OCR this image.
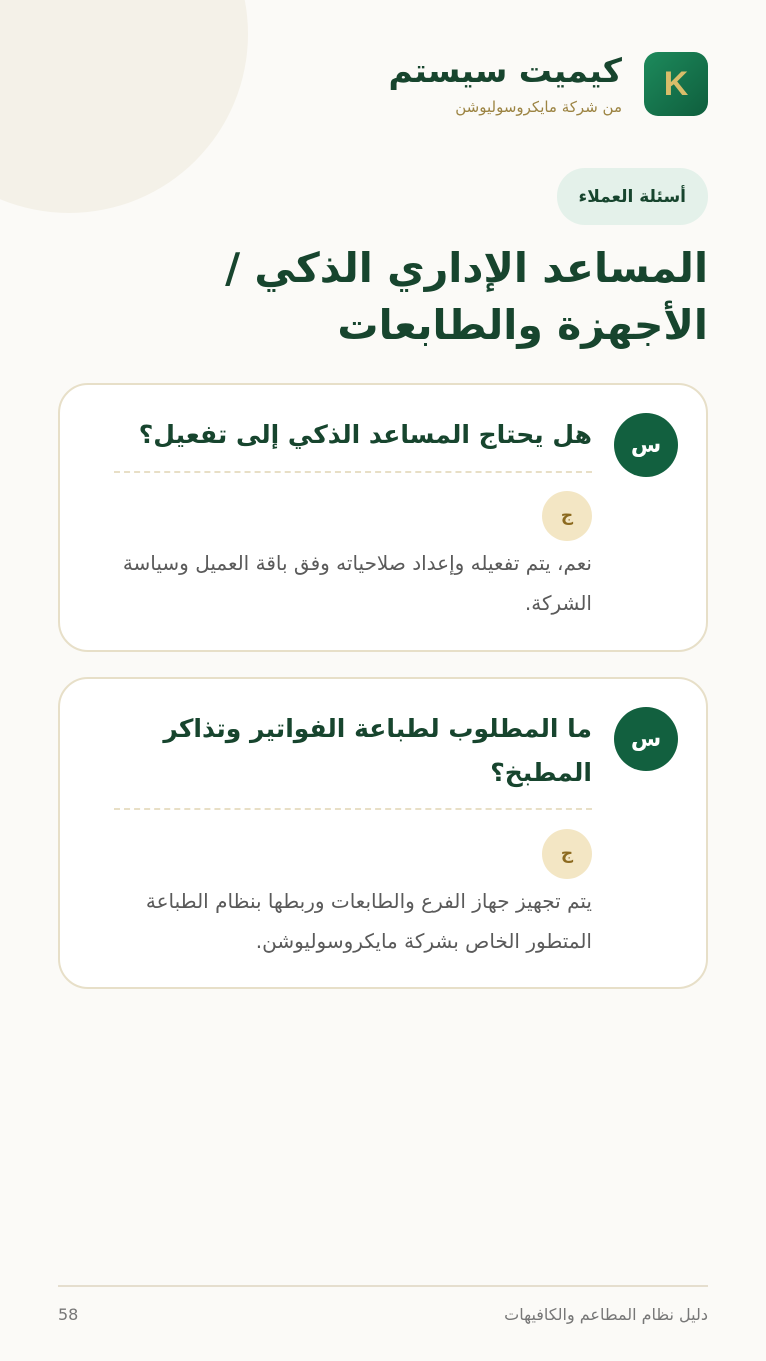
K
كيميت سيستم
من شركة مايكروسوليوشن
أسئلة العملاء
المساعد الإداري الذكي / الأجهزة والطابعات
س
هل يحتاج المساعد الذكي إلى تفعيل؟
ج
نعم، يتم تفعيله وإعداد صلاحياته وفق باقة العميل وسياسة الشركة.
س
ما المطلوب لطباعة الفواتير وتذاكر المطبخ؟
ج
يتم تجهيز جهاز الفرع والطابعات وربطها بنظام الطباعة المتطور الخاص بشركة مايكروسوليوشن.
دليل نظام المطاعم والكافيهات
58
